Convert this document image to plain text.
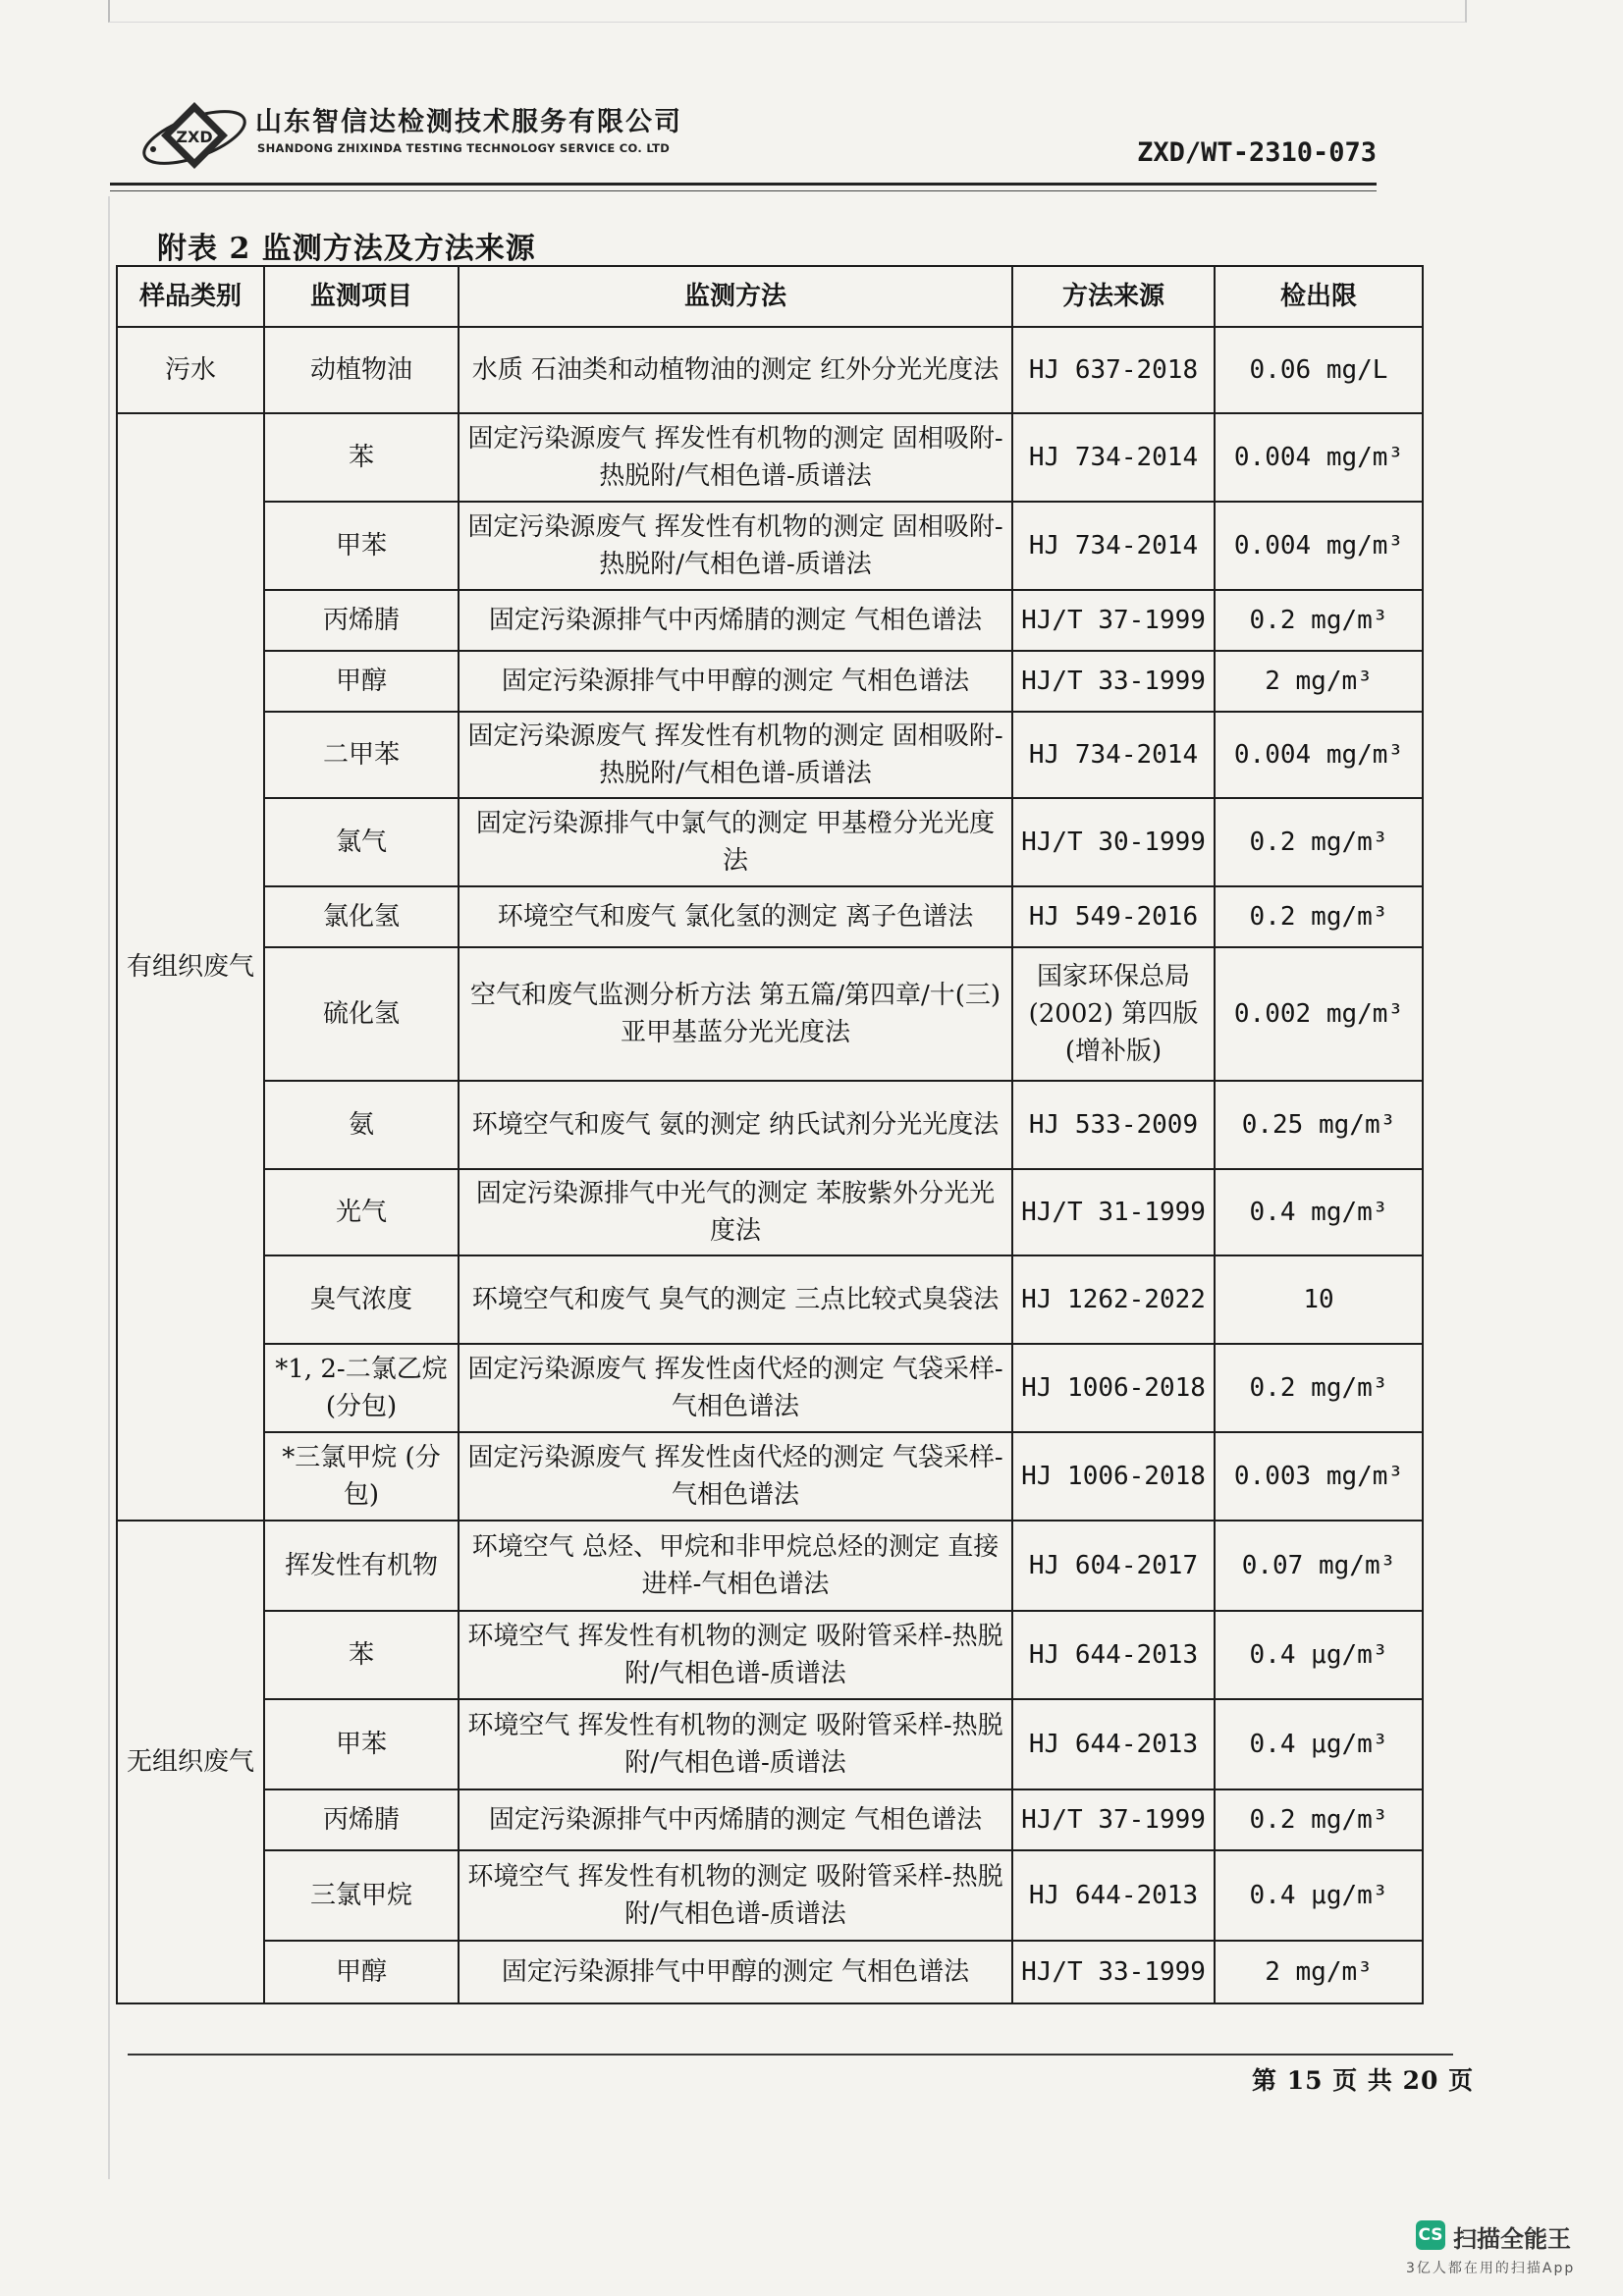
ZXD 山东智信达检测技术服务有限公司
SHANDONG ZHIXINDA TESTING TECHNOLOGY SERVICE CO. LTD	ZXD/WT-2310-073
附表 2 监测方法及方法来源
样品类别	监测项目	监测方法	方法来源	检出限
污水	动植物油	水质 石油类和动植物油的测定 红外分光光度法	HJ 637-2018	0.06 mg/L
有组织废气	苯	固定污染源废气 挥发性有机物的测定 固相吸附-热脱附/气相色谱-质谱法	HJ 734-2014	0.004 mg/m³
	甲苯	固定污染源废气 挥发性有机物的测定 固相吸附-热脱附/气相色谱-质谱法	HJ 734-2014	0.004 mg/m³
	丙烯腈	固定污染源排气中丙烯腈的测定 气相色谱法	HJ/T 37-1999	0.2 mg/m³
	甲醇	固定污染源排气中甲醇的测定 气相色谱法	HJ/T 33-1999	2 mg/m³
	二甲苯	固定污染源废气 挥发性有机物的测定 固相吸附-热脱附/气相色谱-质谱法	HJ 734-2014	0.004 mg/m³
	氯气	固定污染源排气中氯气的测定 甲基橙分光光度法	HJ/T 30-1999	0.2 mg/m³
	氯化氢	环境空气和废气 氯化氢的测定 离子色谱法	HJ 549-2016	0.2 mg/m³
	硫化氢	空气和废气监测分析方法 第五篇/第四章/十(三) 亚甲基蓝分光光度法	国家环保总局 (2002) 第四版 (增补版)	0.002 mg/m³
	氨	环境空气和废气 氨的测定 纳氏试剂分光光度法	HJ 533-2009	0.25 mg/m³
	光气	固定污染源排气中光气的测定 苯胺紫外分光光度法	HJ/T 31-1999	0.4 mg/m³
	臭气浓度	环境空气和废气 臭气的测定 三点比较式臭袋法	HJ 1262-2022	10
	*1, 2-二氯乙烷 (分包)	固定污染源废气 挥发性卤代烃的测定 气袋采样-气相色谱法	HJ 1006-2018	0.2 mg/m³
	*三氯甲烷 (分包)	固定污染源废气 挥发性卤代烃的测定 气袋采样-气相色谱法	HJ 1006-2018	0.003 mg/m³
无组织废气	挥发性有机物	环境空气 总烃、甲烷和非甲烷总烃的测定 直接进样-气相色谱法	HJ 604-2017	0.07 mg/m³
	苯	环境空气 挥发性有机物的测定 吸附管采样-热脱附/气相色谱-质谱法	HJ 644-2013	0.4 μg/m³
	甲苯	环境空气 挥发性有机物的测定 吸附管采样-热脱附/气相色谱-质谱法	HJ 644-2013	0.4 μg/m³
	丙烯腈	固定污染源排气中丙烯腈的测定 气相色谱法	HJ/T 37-1999	0.2 mg/m³
	三氯甲烷	环境空气 挥发性有机物的测定 吸附管采样-热脱附/气相色谱-质谱法	HJ 644-2013	0.4 μg/m³
	甲醇	固定污染源排气中甲醇的测定 气相色谱法	HJ/T 33-1999	2 mg/m³
第 15 页 共 20 页
CS 扫描全能王
3亿人都在用的扫描App
